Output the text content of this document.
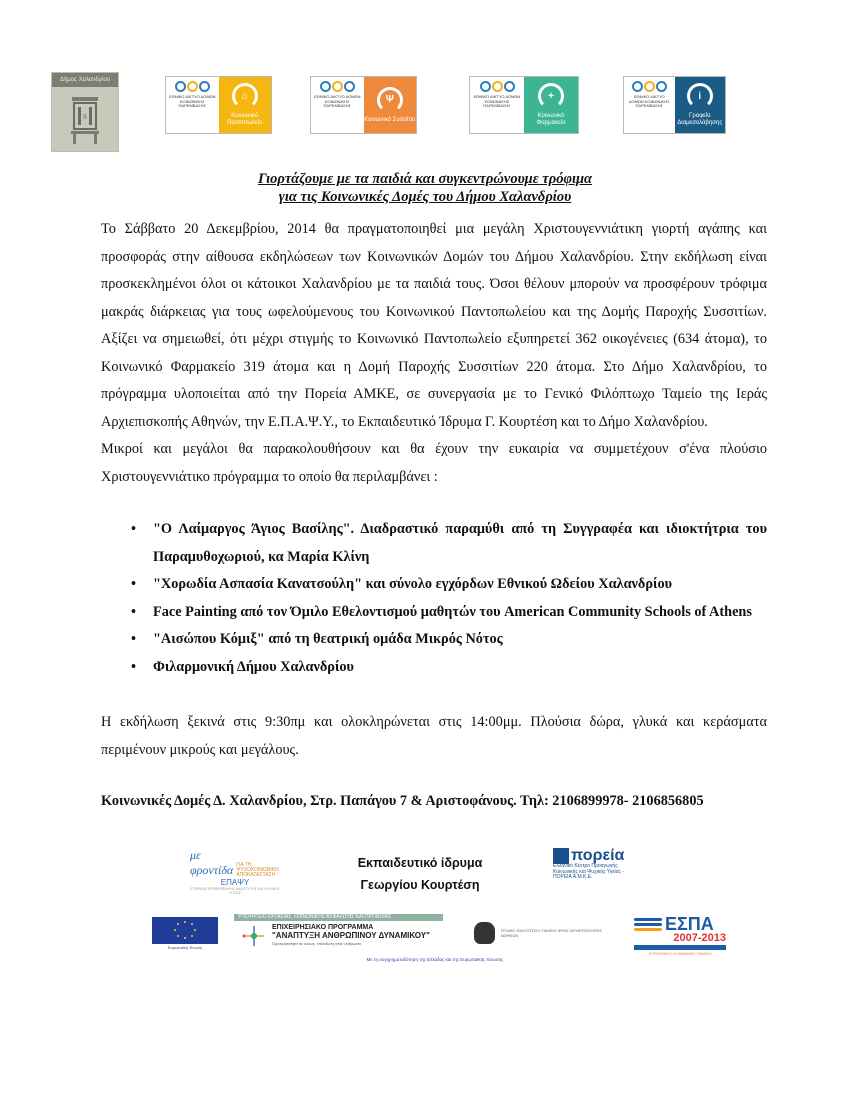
Δήμος Χαλανδρίου
S
ΕΘΝΙΚΟ ΔΙΚΤΥΟ ΔΟΜΩΝ ΚΟΙΝΩΝΙΚΗΣ ΠΑΡΕΜΒΑΣΗΣ
⌂
Κοινωνικό Παντοπωλείο
ΕΘΝΙΚΟ ΔΙΚΤΥΟ ΔΟΜΩΝ ΚΟΙΝΩΝΙΚΗΣ ΠΑΡΕΜΒΑΣΗΣ
Ψ
Κοινωνικό Συσσίτιο
ΕΘΝΙΚΟ ΔΙΚΤΥΟ ΔΟΜΩΝ ΚΟΙΝΩΝΙΚΗΣ ΠΑΡΕΜΒΑΣΗΣ
+
Κοινωνικό Φαρμακείο
ΕΘΝΙΚΟ ΔΙΚΤΥΟ ΔΟΜΩΝ ΚΟΙΝΩΝΙΚΗΣ ΠΑΡΕΜΒΑΣΗΣ
i
Γραφείο Διαμεσολάβησης
Γιορτάζουμε με τα παιδιά και συγκεντρώνουμε τρόφιμα
για τις Κοινωνικές Δομές του Δήμου Χαλανδρίου

Το Σάββατο 20 Δεκεμβρίου, 2014 θα πραγματοποιηθεί μια μεγάλη Χριστουγεννιάτικη γιορτή αγάπης και προσφοράς στην αίθουσα εκδηλώσεων των Κοινωνικών Δομών του Δήμου Χαλανδρίου. Στην εκδήλωση είναι προσκεκλημένοι όλοι οι κάτοικοι Χαλανδρίου με τα παιδιά τους. Όσοι θέλουν μπορούν να προσφέρουν τρόφιμα μακράς διάρκειας για τους ωφελούμενους του Κοινωνικού Παντοπωλείου και της Δομής Παροχής Συσσιτίων. Αξίζει να σημειωθεί, ότι μέχρι στιγμής το Κοινωνικό Παντοπωλείο εξυπηρετεί 362 οικογένειες (634 άτομα), το Κοινωνικό Φαρμακείο 319 άτομα και η Δομή Παροχής Συσσιτίων 220 άτομα. Στο Δήμο Χαλανδρίου, το πρόγραμμα υλοποιείται από την Πορεία ΑΜΚΕ, σε συνεργασία με το Γενικό Φιλόπτωχο Ταμείο της Ιεράς Αρχιεπισκοπής Αθηνών, την Ε.Π.Α.Ψ.Υ., το Εκπαιδευτικό Ίδρυμα Γ. Κουρτέση και το Δήμο Χαλανδρίου.

Μικροί και μεγάλοι θα παρακολουθήσουν και θα έχουν την ευκαιρία να συμμετέχουν σ'ένα πλούσιο Χριστουγεννιάτικο πρόγραμμα το οποίο θα περιλαμβάνει :

• "Ο Λαίμαργος Άγιος Βασίλης". Διαδραστικό παραμύθι από τη Συγγραφέα και ιδιοκτήτρια του Παραμυθοχωριού, κα Μαρία Κλίνη
• "Χορωδία Ασπασία Κανατσούλη" και σύνολο εγχόρδων Εθνικού Ωδείου Χαλανδρίου
• Face Painting από τον Όμιλο Εθελοντισμού μαθητών του American Community Schools of Athens
• "Αισώπου Κόμιξ" από τη θεατρική ομάδα Μικρός Νότος
• Φιλαρμονική Δήμου Χαλανδρίου

Η εκδήλωση ξεκινά στις 9:30πμ και ολοκληρώνεται στις 14:00μμ. Πλούσια δώρα, γλυκά και κεράσματα περιμένουν μικρούς και μεγάλους.

Κοινωνικές Δομές Δ. Χαλανδρίου, Στρ. Παπάγου 7 & Αριστοφάνους. Τηλ: 2106899978- 2106856805
με φροντίδα ΓΙΑ ΤΗ ΨΥΧΟΚΟΙΝΩΝΙΚΗ ΑΠΟΚΑΤΑΣΤΑΣΗ
ΕΠΑΨΥ
ΕΤΑΙΡΕΙΑ ΠΕΡΙΦΕΡΕΙΑΚΗΣ ΑΝΑΠΤΥΞΗΣ ΚΑΙ ΨΥΧΙΚΗΣ ΥΓΕΙΑΣ
Εκπαιδευτικό ίδρυμα
Γεωργίου Κουρτέση
πορεία
Ελληνικό Κέντρο Προαγωγής Κοινωνικής και Ψυχικής Υγείας - ΠΟΡΕΙΑ Α.Μ.Κ.Ε.
Ευρωπαϊκή Ένωση
ΥΠΟΥΡΓΕΙΟ ΕΡΓΑΣΙΑΣ, ΚΟΙΝΩΝΙΚΗΣ ΑΣΦΑΛΙΣΗΣ ΚΑΙ ΠΡΟΝΟΙΑΣ
ΕΠΙΧΕΙΡΗΣΙΑΚΟ ΠΡΟΓΡΑΜΜΑ
"ΑΝΑΠΤΥΞΗ ΑΝΘΡΩΠΙΝΟΥ ΔΥΝΑΜΙΚΟΥ"
Προτεραιότητα σε όλους, επένδυση στον άνθρωπο
ΓΕΝΙΚΟ ΦΙΛΟΠΤΩΧΟ ΤΑΜΕΙΟ ΙΕΡΑΣ ΑΡΧΙΕΠΙΣΚΟΠΗΣ ΑΘΗΝΩΝ
Με τη συγχρηματοδότηση της Ελλάδας και της Ευρωπαϊκής Ένωσης
ΕΣΠΑ
2007-2013
ΕΥΡΩΠΑΪΚΟ ΚΟΙΝΩΝΙΚΟ ΤΑΜΕΙΟ
